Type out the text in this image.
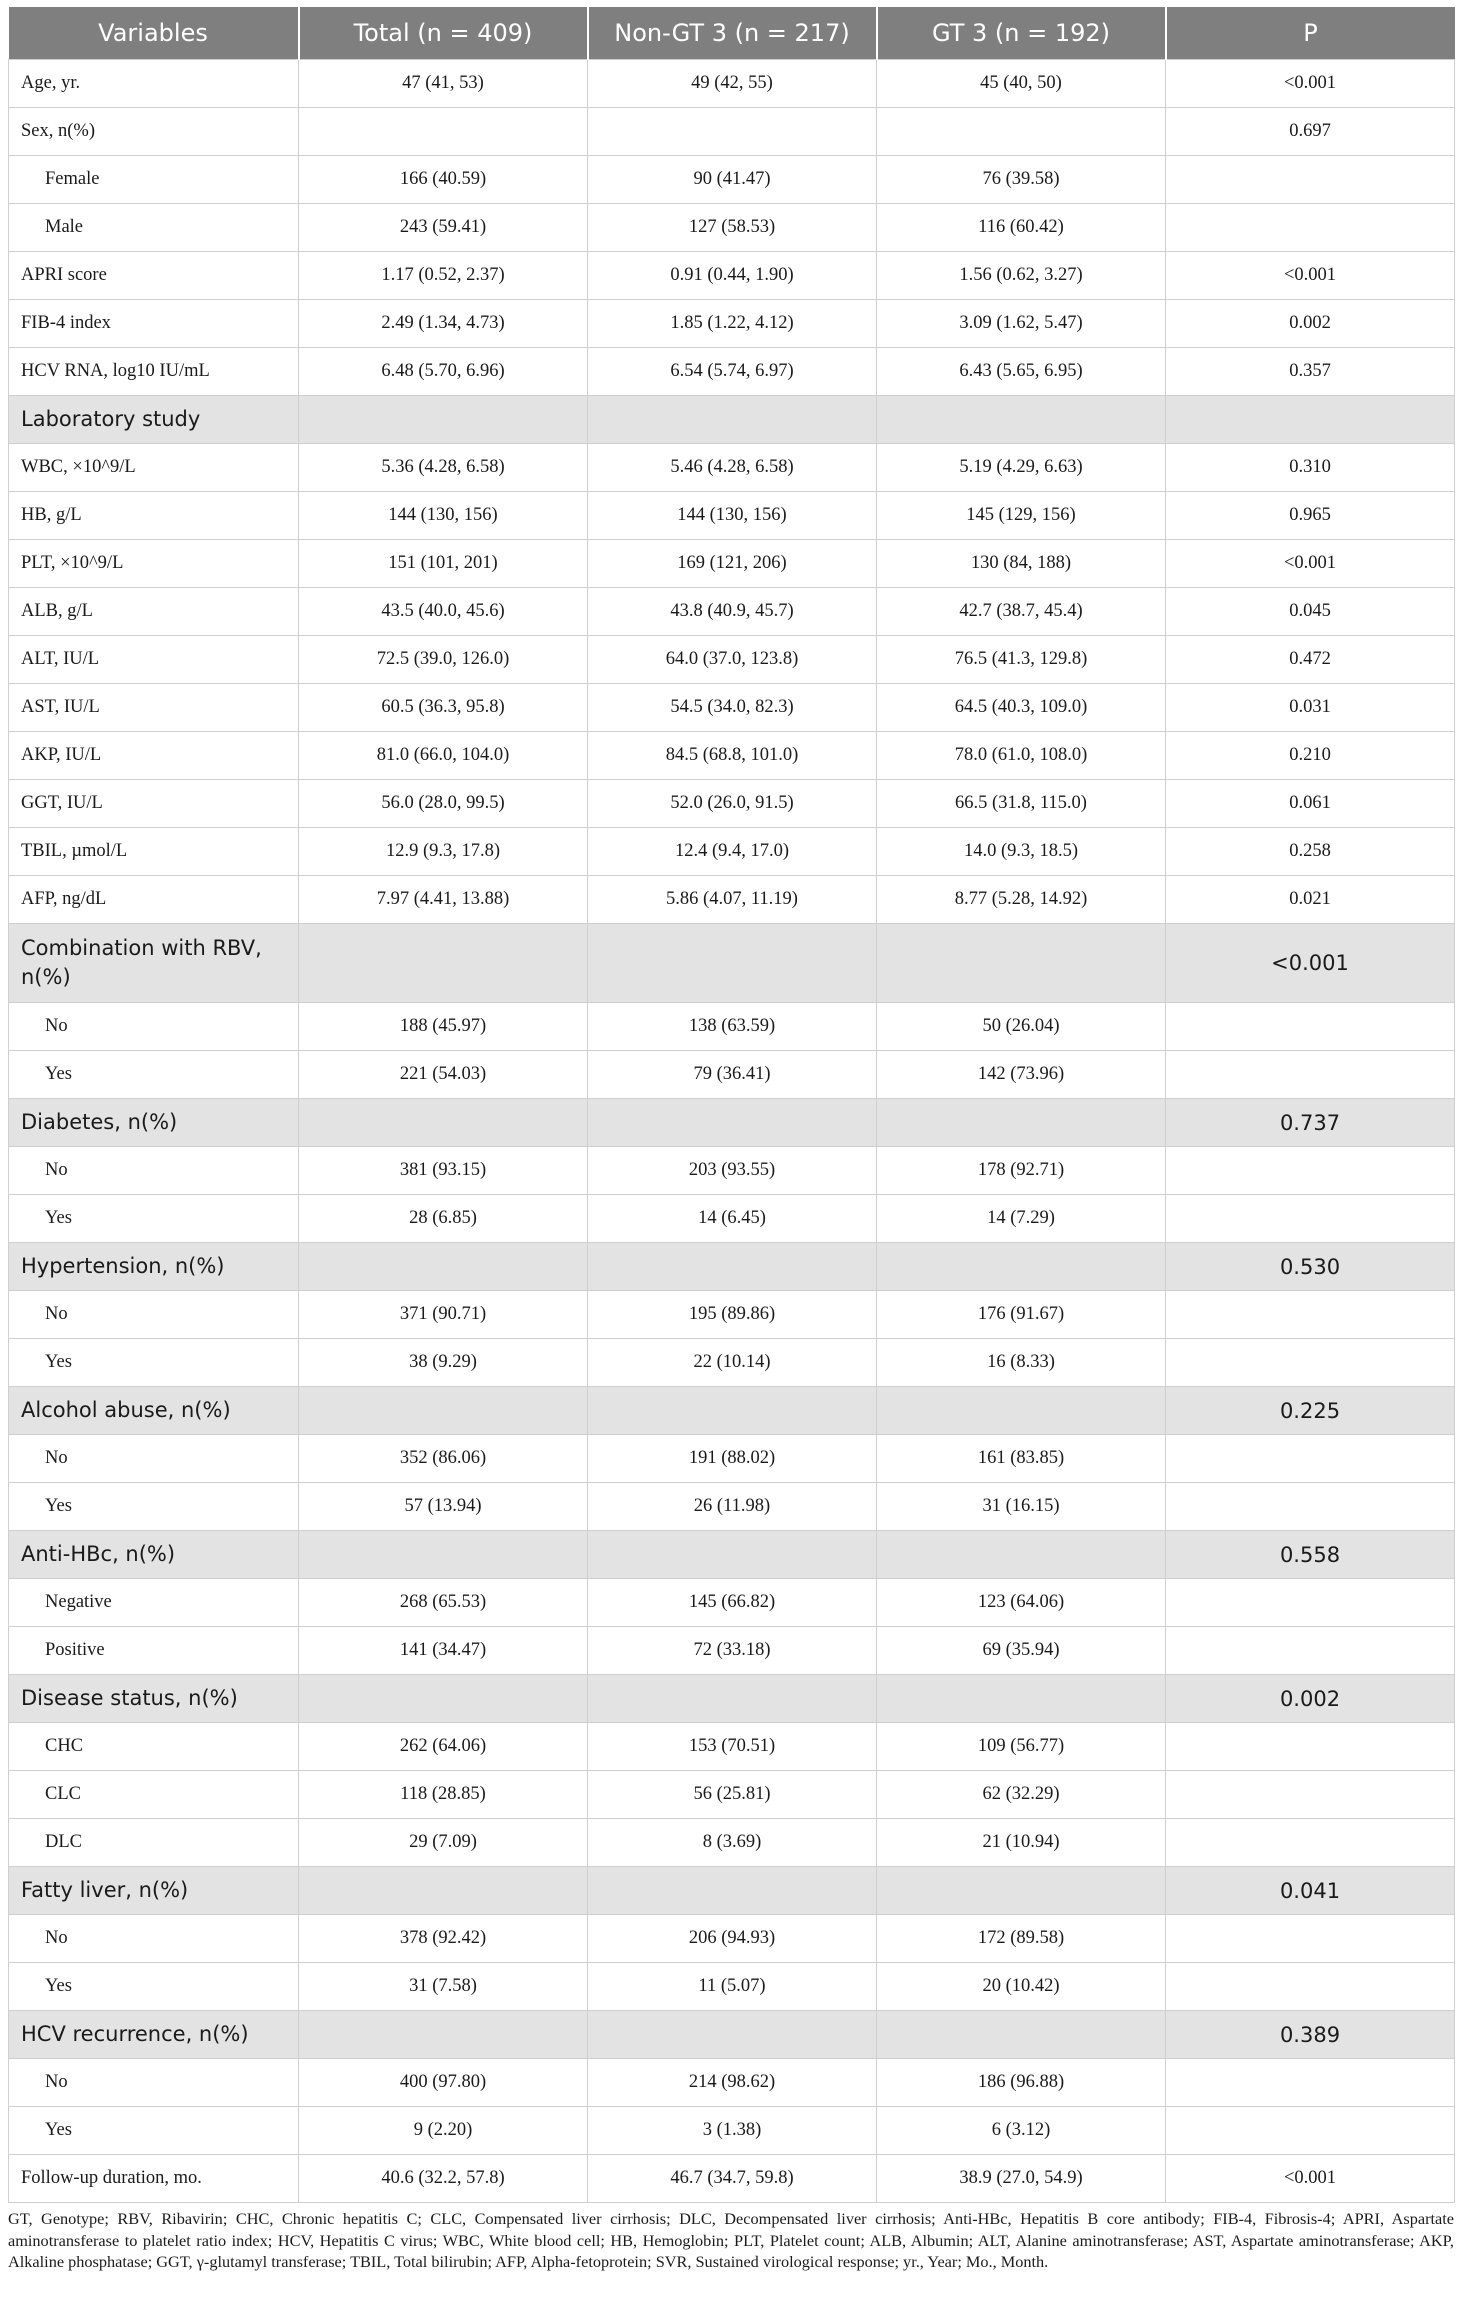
Variables	Total (n = 409)	Non-GT 3 (n = 217)	GT 3 (n = 192)	P
Age, yr.	47 (41, 53)	49 (42, 55)	45 (40, 50)	<0.001
Sex, n(%)				0.697
Female	166 (40.59)	90 (41.47)	76 (39.58)	
Male	243 (59.41)	127 (58.53)	116 (60.42)	
APRI score	1.17 (0.52, 2.37)	0.91 (0.44, 1.90)	1.56 (0.62, 3.27)	<0.001
FIB-4 index	2.49 (1.34, 4.73)	1.85 (1.22, 4.12)	3.09 (1.62, 5.47)	0.002
HCV RNA, log10 IU/mL	6.48 (5.70, 6.96)	6.54 (5.74, 6.97)	6.43 (5.65, 6.95)	0.357
Laboratory study				
WBC, ×10^9/L	5.36 (4.28, 6.58)	5.46 (4.28, 6.58)	5.19 (4.29, 6.63)	0.310
HB, g/L	144 (130, 156)	144 (130, 156)	145 (129, 156)	0.965
PLT, ×10^9/L	151 (101, 201)	169 (121, 206)	130 (84, 188)	<0.001
ALB, g/L	43.5 (40.0, 45.6)	43.8 (40.9, 45.7)	42.7 (38.7, 45.4)	0.045
ALT, IU/L	72.5 (39.0, 126.0)	64.0 (37.0, 123.8)	76.5 (41.3, 129.8)	0.472
AST, IU/L	60.5 (36.3, 95.8)	54.5 (34.0, 82.3)	64.5 (40.3, 109.0)	0.031
AKP, IU/L	81.0 (66.0, 104.0)	84.5 (68.8, 101.0)	78.0 (61.0, 108.0)	0.210
GGT, IU/L	56.0 (28.0, 99.5)	52.0 (26.0, 91.5)	66.5 (31.8, 115.0)	0.061
TBIL, µmol/L	12.9 (9.3, 17.8)	12.4 (9.4, 17.0)	14.0 (9.3, 18.5)	0.258
AFP, ng/dL	7.97 (4.41, 13.88)	5.86 (4.07, 11.19)	8.77 (5.28, 14.92)	0.021
Combination with RBV, n(%)				<0.001
No	188 (45.97)	138 (63.59)	50 (26.04)	
Yes	221 (54.03)	79 (36.41)	142 (73.96)	
Diabetes, n(%)				0.737
No	381 (93.15)	203 (93.55)	178 (92.71)	
Yes	28 (6.85)	14 (6.45)	14 (7.29)	
Hypertension, n(%)				0.530
No	371 (90.71)	195 (89.86)	176 (91.67)	
Yes	38 (9.29)	22 (10.14)	16 (8.33)	
Alcohol abuse, n(%)				0.225
No	352 (86.06)	191 (88.02)	161 (83.85)	
Yes	57 (13.94)	26 (11.98)	31 (16.15)	
Anti-HBc, n(%)				0.558
Negative	268 (65.53)	145 (66.82)	123 (64.06)	
Positive	141 (34.47)	72 (33.18)	69 (35.94)	
Disease status, n(%)				0.002
CHC	262 (64.06)	153 (70.51)	109 (56.77)	
CLC	118 (28.85)	56 (25.81)	62 (32.29)	
DLC	29 (7.09)	8 (3.69)	21 (10.94)	
Fatty liver, n(%)				0.041
No	378 (92.42)	206 (94.93)	172 (89.58)	
Yes	31 (7.58)	11 (5.07)	20 (10.42)	
HCV recurrence, n(%)				0.389
No	400 (97.80)	214 (98.62)	186 (96.88)	
Yes	9 (2.20)	3 (1.38)	6 (3.12)	
Follow-up duration, mo.	40.6 (32.2, 57.8)	46.7 (34.7, 59.8)	38.9 (27.0, 54.9)	<0.001
GT, Genotype; RBV, Ribavirin; CHC, Chronic hepatitis C; CLC, Compensated liver cirrhosis; DLC, Decompensated liver cirrhosis; Anti-HBc, Hepatitis B core antibody; FIB-4, Fibrosis-4; APRI, Aspartate aminotransferase to platelet ratio index; HCV, Hepatitis C virus; WBC, White blood cell; HB, Hemoglobin; PLT, Platelet count; ALB, Albumin; ALT, Alanine aminotransferase; AST, Aspartate aminotransferase; AKP, Alkaline phosphatase; GGT, γ-glutamyl transferase; TBIL, Total bilirubin; AFP, Alpha-fetoprotein; SVR, Sustained virological response; yr., Year; Mo., Month.
